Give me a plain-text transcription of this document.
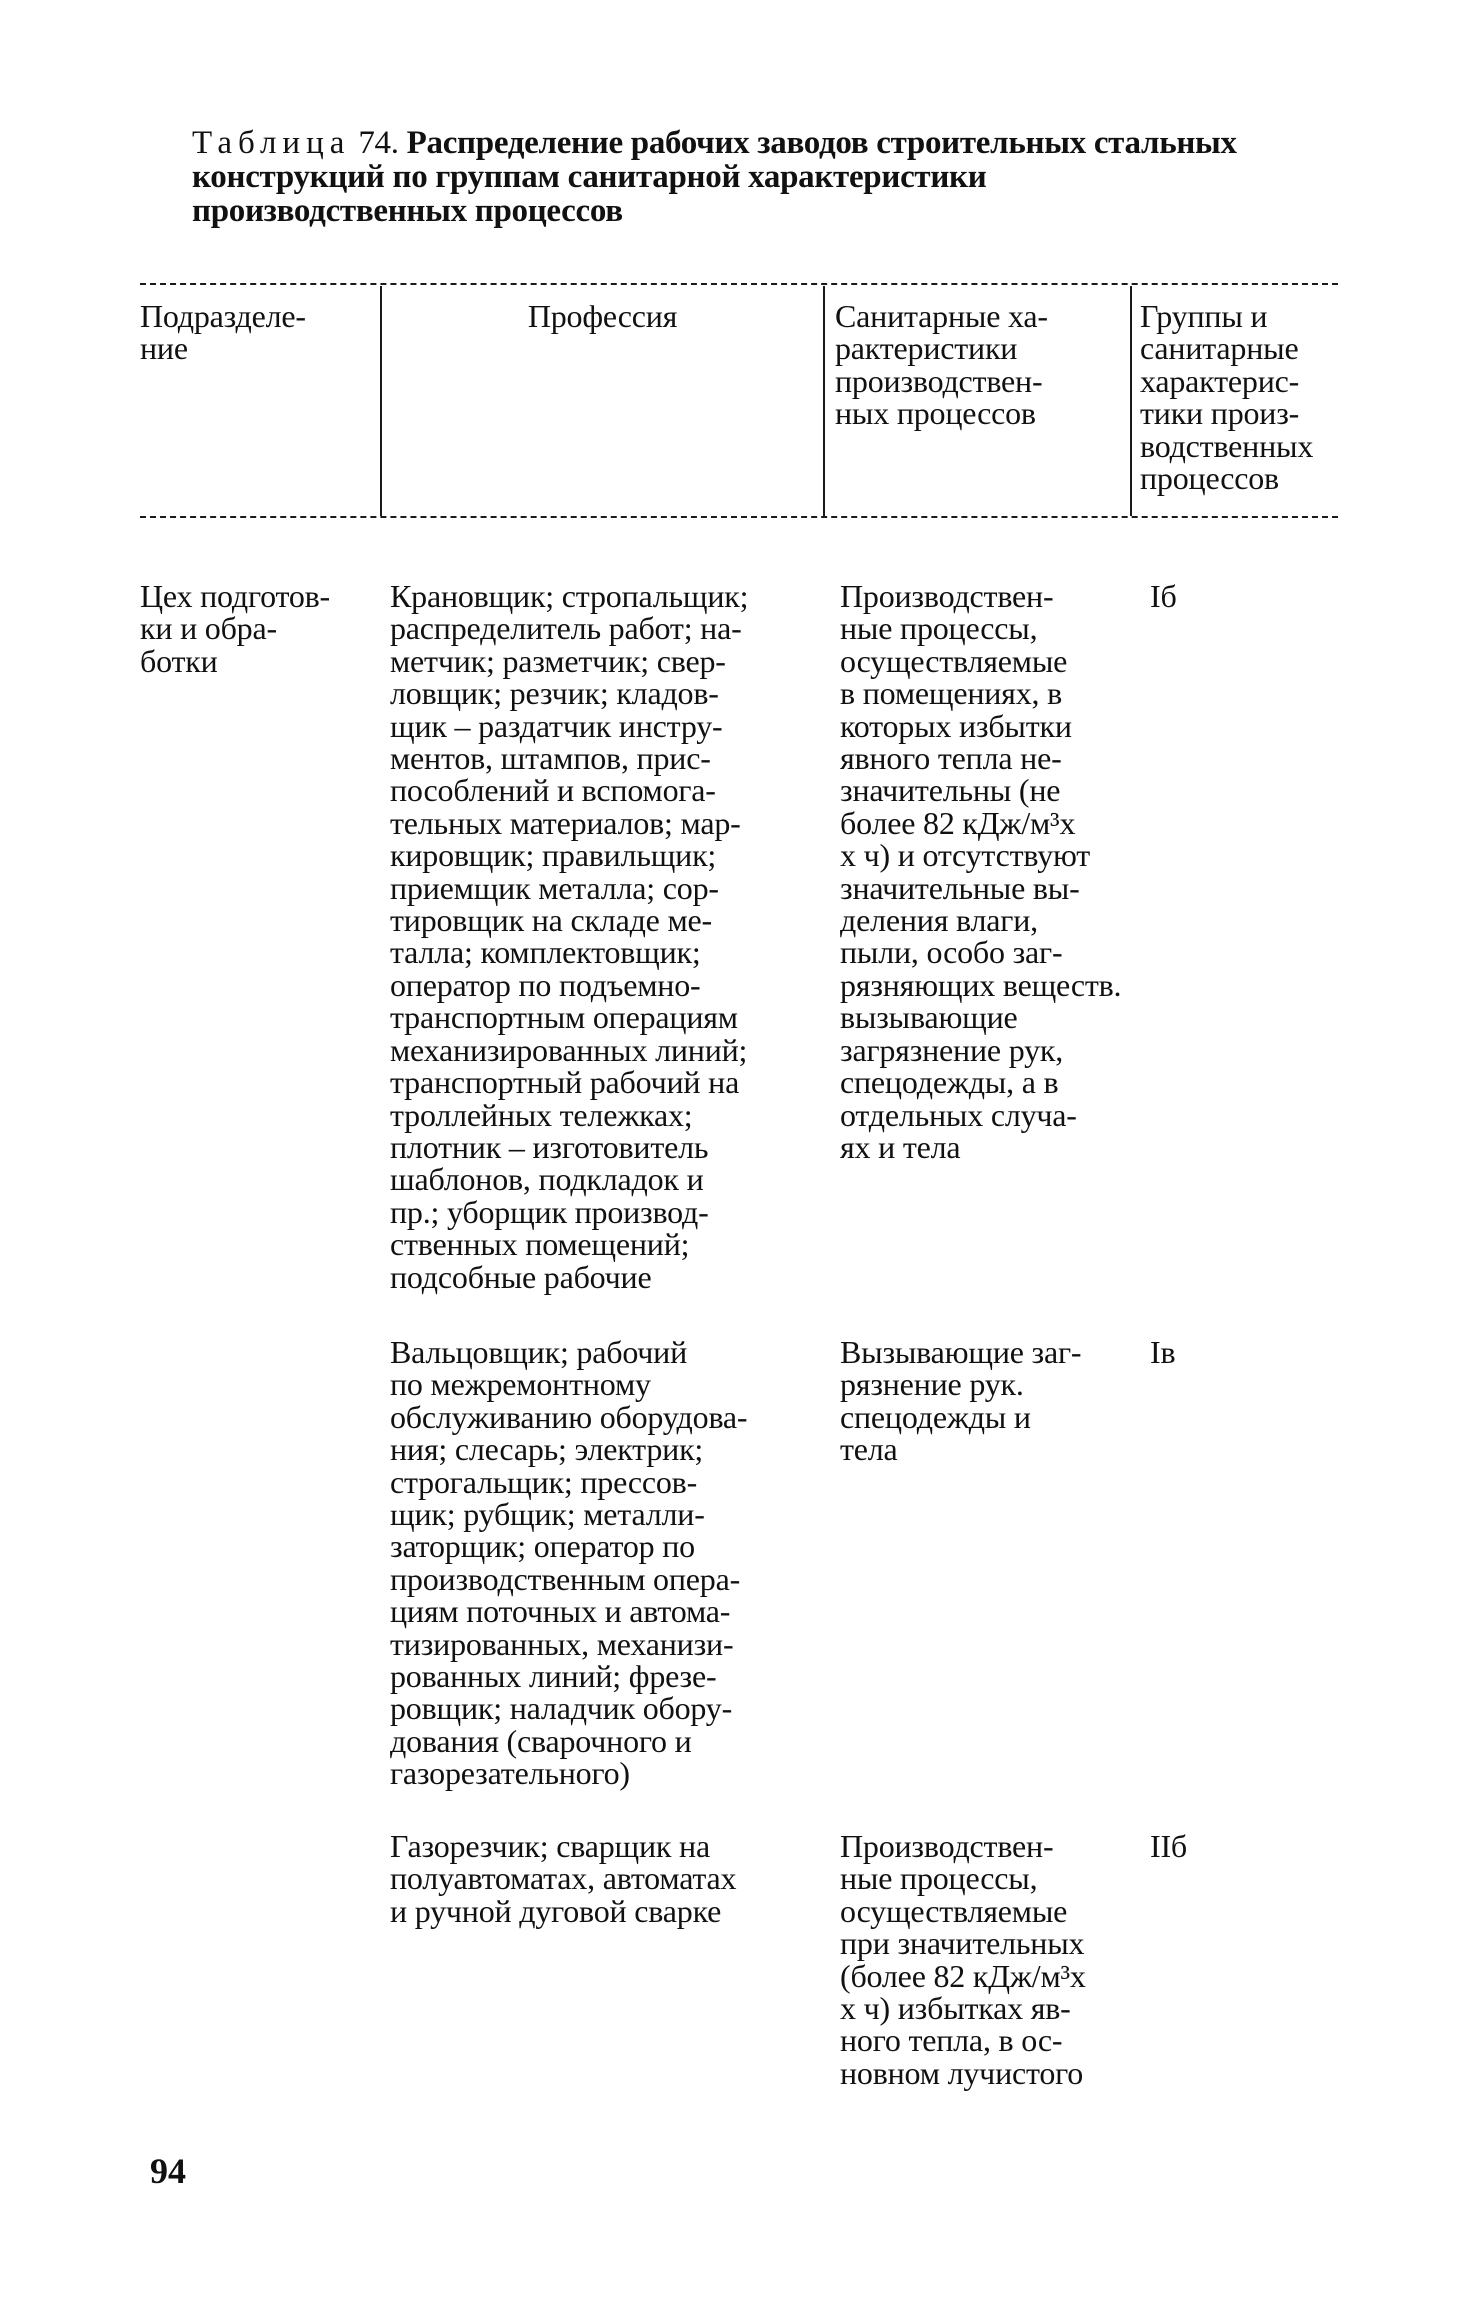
Таблица 74. Распределение рабочих заводов строительных стальных конструкций по группам санитарной характеристики производственных процессов
Подразделе-
ние
Профессия	Санитарные ха-
рактеристики
производствен-
ных процессов
Группы и
санитарные
характерис-
тики произ-
водственных
процессов
Цех подготов-
ки и обра-
ботки
Крановщик; стропальщик;
распределитель работ; на-
метчик; разметчик; свер-
ловщик; резчик; кладов-
щик – раздатчик инстру-
ментов, штампов, прис-
пособлений и вспомога-
тельных материалов; мар-
кировщик; правильщик;
приемщик металла; сор-
тировщик на складе ме-
талла; комплектовщик;
оператор по подъемно-
транспортным операциям
механизированных линий;
транспортный рабочий на
троллейных тележках;
плотник – изготовитель
шаблонов, подкладок и
пр.; уборщик производ-
ственных помещений;
подсобные рабочие
Производствен-
ные процессы,
осуществляемые
в помещениях, в
которых избытки
явного тепла не-
значительны (не
более 82 кДж/м³х
х ч) и отсутствуют
значительные вы-
деления влаги,
пыли, особо заг-
рязняющих веществ.
вызывающие
загрязнение рук,
спецодежды, а в
отдельных случа-
ях и тела
Iб
Вальцовщик; рабочий
по межремонтному
обслуживанию оборудова-
ния; слесарь; электрик;
строгальщик; прессов-
щик; рубщик; металли-
заторщик; оператор по
производственным опера-
циям поточных и автома-
тизированных, механизи-
рованных линий; фрезе-
ровщик; наладчик обору-
дования (сварочного и
газорезательного)
Вызывающие заг-
рязнение рук.
спецодежды и
тела
Iв
Газорезчик; сварщик на
полуавтоматах, автоматах
и ручной дуговой сварке
Производствен-
ные процессы,
осуществляемые
при значительных
(более 82 кДж/м³х
х ч) избытках яв-
ного тепла, в ос-
новном лучистого
IIб
94
